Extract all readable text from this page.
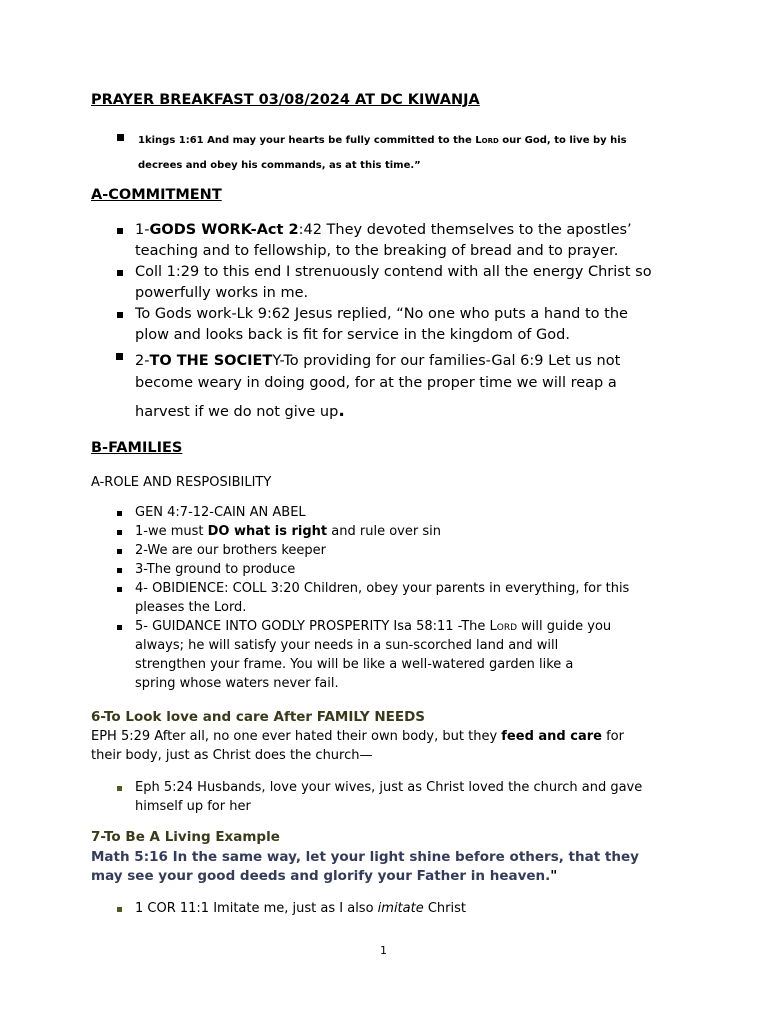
PRAYER BREAKFAST 03/08/2024 AT DC KIWANJA
1kings 1:61 And may your hearts be fully committed to the Lord our God, to live by his
decrees and obey his commands, as at this time.”
A-COMMITMENT
1-GODS WORK-Act 2:42 They devoted themselves to the apostles’
teaching and to fellowship, to the breaking of bread and to prayer.
Coll 1:29 to this end I strenuously contend with all the energy Christ so
powerfully works in me.
To Gods work-Lk 9:62 Jesus replied, “No one who puts a hand to the
plow and looks back is fit for service in the kingdom of God.
2-TO THE SOCIETY-To providing for our families-Gal 6:9 Let us not
become weary in doing good, for at the proper time we will reap a
harvest if we do not give up.
B-FAMILIES
A-ROLE AND RESPOSIBILITY
GEN 4:7-12-CAIN AN ABEL
1-we must DO what is right and rule over sin
2-We are our brothers keeper
3-The ground to produce
4- OBIDIENCE: COLL 3:20 Children, obey your parents in everything, for this
pleases the Lord.
5- GUIDANCE INTO GODLY PROSPERITY Isa 58:11 -The Lord will guide you
always; he will satisfy your needs in a sun-scorched land and will
strengthen your frame. You will be like a well-watered garden like a
spring whose waters never fail.
6-To Look love and care After FAMILY NEEDS
EPH 5:29 After all, no one ever hated their own body, but they feed and care for
their body, just as Christ does the church—
Eph 5:24 Husbands, love your wives, just as Christ loved the church and gave
himself up for her
7-To Be A Living Example
Math 5:16 In the same way, let your light shine before others, that they
may see your good deeds and glorify your Father in heaven."
1 COR 11:1 Imitate me, just as I also imitate Christ
1
